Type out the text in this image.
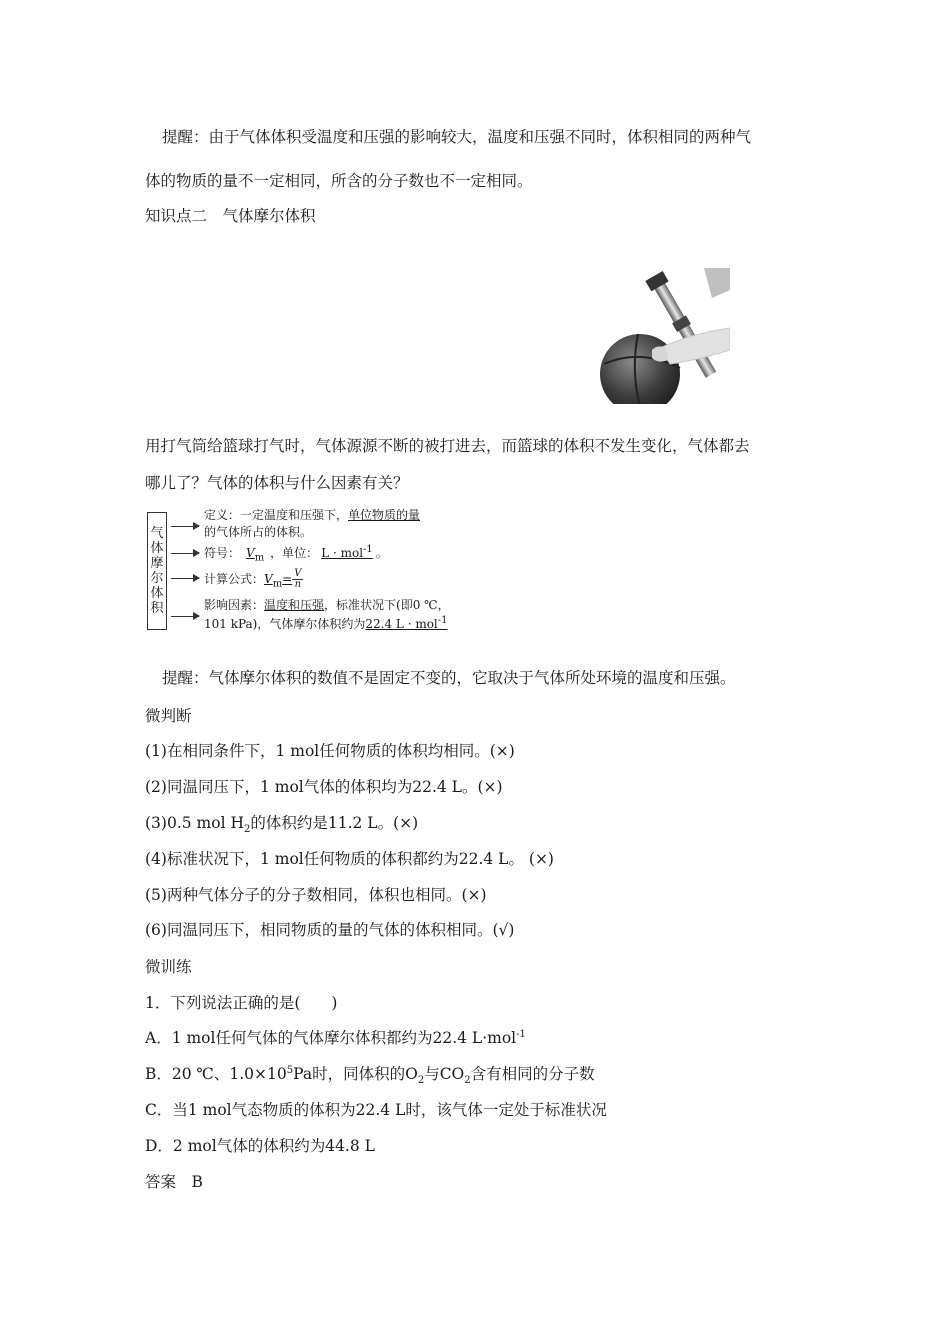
提醒：由于气体体积受温度和压强的影响较大，温度和压强不同时，体积相同的两种气
体的物质的量不一定相同，所含的分子数也不一定相同。
知识点二　气体摩尔体积
用打气筒给篮球打气时，气体源源不断的被打进去，而篮球的体积不发生变化，气体都去
哪儿了？气体的体积与什么因素有关？
气
体
摩
尔
体
积
定义：一定温度和压强下，单位物质的量
的气体所占的体积。
符号： $V_m$ ，单位： L · mol$^{-1}$ 。
计算公式：$V_m= \frac{V}{n}$
影响因素：温度和压强，标准状况下(即0 ℃，
101 kPa)，气体摩尔体积约为22.4 L · mol$^{-1}$
提醒：气体摩尔体积的数值不是固定不变的，它取决于气体所处环境的温度和压强。
微判断
(1)在相同条件下，1 mol任何物质的体积均相同。(×)
(2)同温同压下，1 mol气体的体积均为22.4 L。(×)
(3)0.5 mol $H_2$的体积约是11.2 L。(×)
(4)标准状况下，1 mol任何物质的体积都约为22.4 L。 (×)
(5)两种气体分子的分子数相同，体积也相同。(×)
(6)同温同压下，相同物质的量的气体的体积相同。(√)
微训练
1．下列说法正确的是(　　)
A．1 mol任何气体的气体摩尔体积都约为22.4 L·mol$^{-1}$
B．20 ℃、$1.0\times 10^5Pa$时，同体积的$O_2$与$CO_2$含有相同的分子数
C．当1 mol气态物质的体积为22.4 L时，该气体一定处于标准状况
D．2 mol气体的体积约为44.8 L
答案　B
